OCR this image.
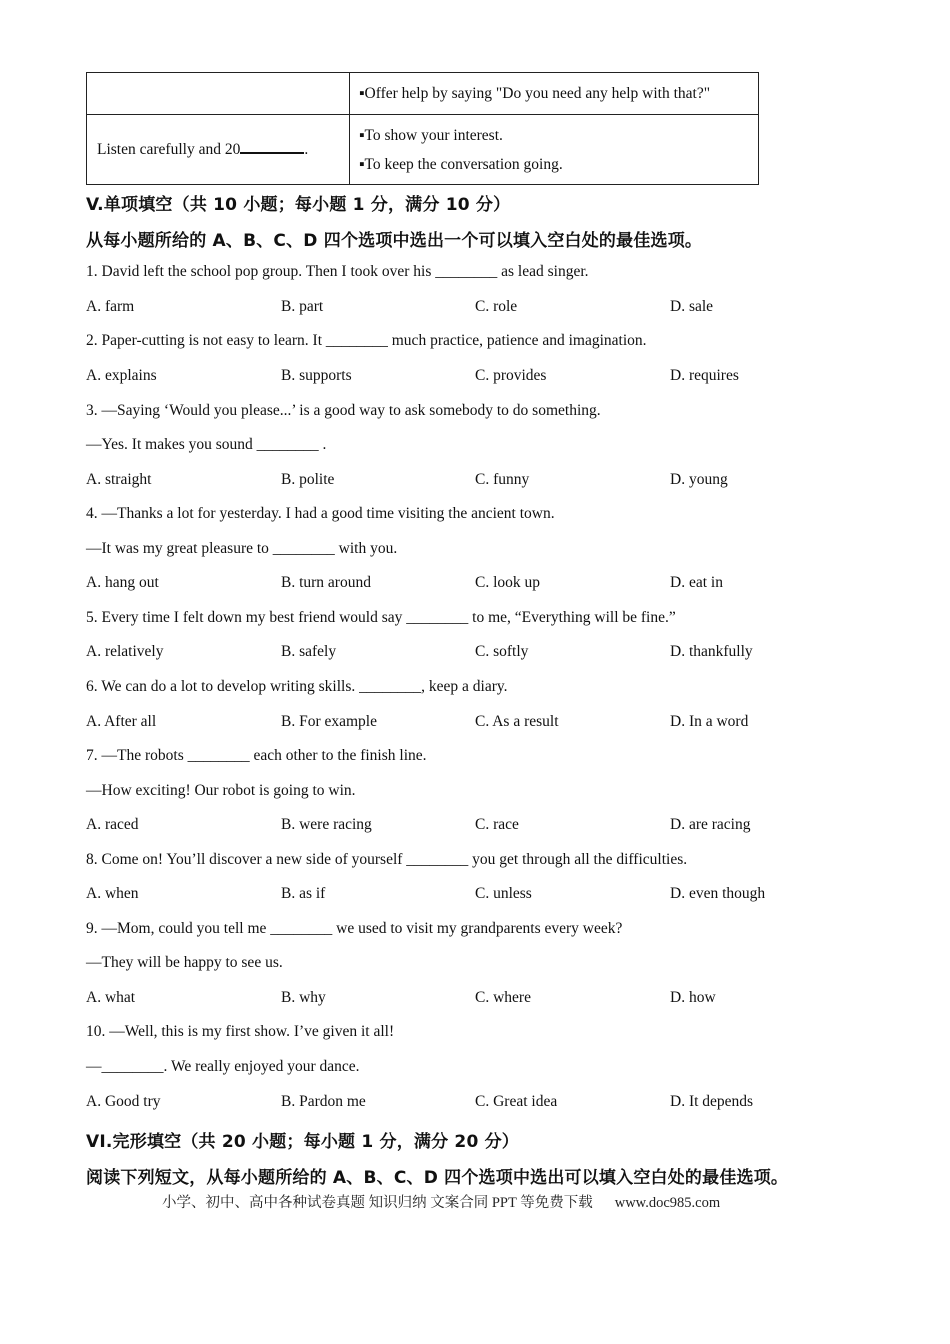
	▪Offer help by saying "Do you need any help with that?"
Listen carefully and 20 .	▪To show your interest.
▪To keep the conversation going.
V.单项填空（共 10 小题；每小题 1 分，满分 10 分）
从每小题所给的 A、B、C、D 四个选项中选出一个可以填入空白处的最佳选项。
1. David left the school pop group. Then I took over his ________ as lead singer.
A. farm	B. part	C. role	D. sale
2. Paper-cutting is not easy to learn. It ________ much practice, patience and imagination.
A. explains	B. supports	C. provides	D. requires
3. —Saying ‘Would you please...’ is a good way to ask somebody to do something.
—Yes. It makes you sound ________ .
A. straight	B. polite	C. funny	D. young
4. —Thanks a lot for yesterday. I had a good time visiting the ancient town.
—It was my great pleasure to ________ with you.
A. hang out	B. turn around	C. look up	D. eat in
5. Every time I felt down my best friend would say ________ to me, “Everything will be fine.”
A. relatively	B. safely	C. softly	D. thankfully
6. We can do a lot to develop writing skills. ________, keep a diary.
A. After all	B. For example	C. As a result	D. In a word
7. —The robots ________ each other to the finish line.
—How exciting! Our robot is going to win.
A. raced	B. were racing	C. race	D. are racing
8. Come on! You’ll discover a new side of yourself ________ you get through all the difficulties.
A. when	B. as if	C. unless	D. even though
9. —Mom, could you tell me ________ we used to visit my grandparents every week?
—They will be happy to see us.
A. what	B. why	C. where	D. how
10. —Well, this is my first show. I’ve given it all!
—________. We really enjoyed your dance.
A. Good try	B. Pardon me	C. Great idea	D. It depends
VI.完形填空（共 20 小题；每小题 1 分，满分 20 分）
阅读下列短文，从每小题所给的 A、B、C、D 四个选项中选出可以填入空白处的最佳选项。
小学、初中、高中各种试卷真题 知识归纳 文案合同 PPT 等免费下载 www.doc985.com
